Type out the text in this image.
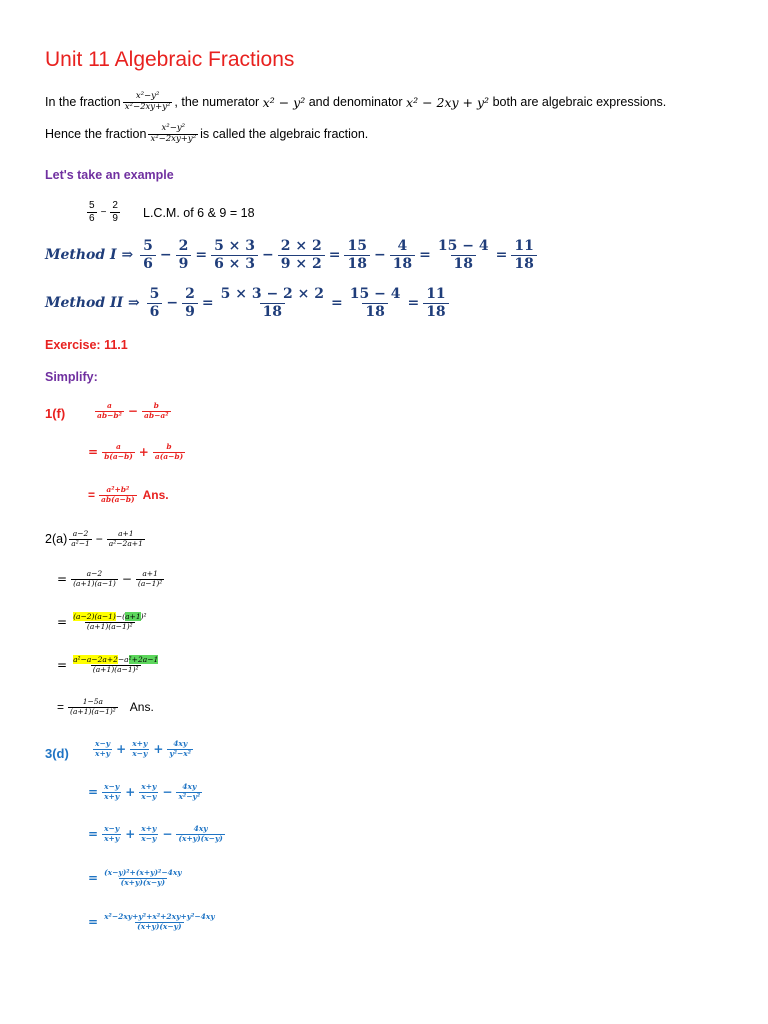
Unit 11 Algebraic Fractions
In the fraction $\frac{\text{x²−y²}}{\text{x²−2xy+y²}}$ , the numerator
x² − y²
and denominator
x² − 2xy + y²
both are algebraic expressions.
Hence the fraction $\frac{\text{x²−y²}}{\text{x²−2xy+y²}}$ is called the algebraic fraction.
Let's take an example
$\frac{5}{6} - \frac{2}{9} L.C.M$. of 6 & 9 = 18
Method I ⇒
$\frac{5}{6} - \frac{2}{9} = \frac{5 \times 3}{6 \times 3} - \frac{2 \times 2}{9 \times 2} = \frac{15}{18} - \frac{4}{18} = \frac{15 - 4}{18} = \frac{11}{18}$
Method II ⇒
$\frac{5}{6} - \frac{2}{9} = \frac{5 \times 3 - 2 \times 2}{18} = \frac{15 - 4}{18} = \frac{11}{18}$
Exercise: 11.1
Simplify:
1(f)	$\frac{a}{\text{ab−b²}} - \frac{b}{\text{ab−a²}}$
= $\frac{a}{b(a-b)} + \frac{b}{a(a-b)}$
= $\frac{\text{a²+b²}}{ab(a-b)}$ Ans.
$2(a) \frac{a-2}{\text{a²−1}} - \frac{a+1}{\text{a²−2a+1}}$
= $\frac{a-2}{(a+1)(a-1)} - \frac{a+1}{\text{(a−1)²}}$
= $\frac{\text{(a−2)(a−1)−(a+1)²}}{\text{(a+1)(a−1)²}}$
= $\frac{\text{a²−a−2a+2−a²+2a−1}}{\text{(a+1)(a−1)²}}$
= $\frac{1-5a}{\text{(a+1)(a−1)²}}$ Ans.
3(d)	$\frac{x-y}{x+y} + \frac{x+y}{x-y} + \frac{4xy}{\text{y²−x²}}$
= $\frac{x-y}{x+y} + \frac{x+y}{x-y} - \frac{4xy}{\text{x²−y²}}$
= $\frac{x-y}{x+y} + \frac{x+y}{x-y} - \frac{4xy}{(x+y)(x-y)}$
= $\frac{\text{(x−y)²+(x+y)²−4xy}}{(x+y)(x-y)}$
= $\frac{\text{x²−2xy+y²+x²+2xy+y²−4xy}}{(x+y)(x-y)}$
